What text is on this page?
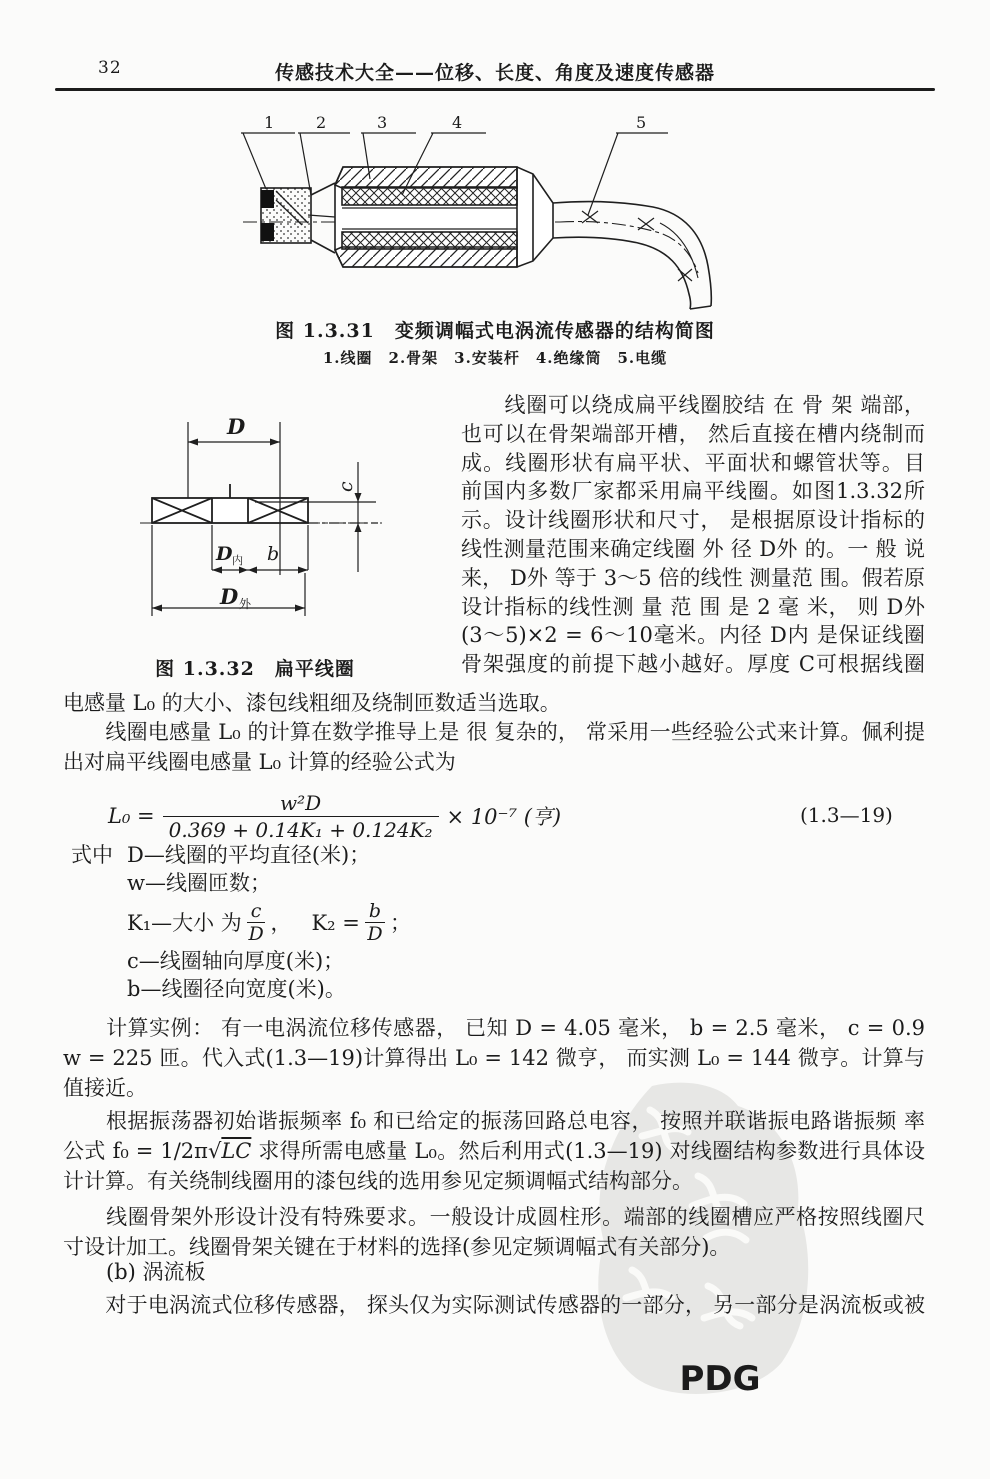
PDG
32	传感技术大全——位移、长度、角度及速度传感器
1	2	3	4	5
图 1.3.31　变频调幅式电涡流传感器的结构简图
1.线圈　2.骨架　3.安装杆　4.绝缘筒　5.电缆
D
D 内 b
c
D 外
图 1.3.32　扁平线圈
　　线圈可以绕成扁平线圈胶结 在 骨 架 端部，
也可以在骨架端部开槽， 然后直接在槽内绕制而
成。线圈形状有扁平状、平面状和螺管状等。目
前国内多数厂家都采用扁平线圈。如图1.3.32所
示。设计线圈形状和尺寸， 是根据原设计指标的
线性测量范围来确定线圈 外 径 D外 的。一 般 说
来， D外 等于 3～5 倍的线性 测量范 围。假若原
设计指标的线性测 量 范 围 是 2 毫 米， 则 D外
(3～5)×2 = 6～10毫米。内径 D内 是保证线圈
骨架强度的前提下越小越好。厚度 C可根据线圈
电感量 L₀ 的大小、漆包线粗细及绕制匝数适当选取。
　　线圈电感量 L₀ 的计算在数学推导上是 很 复杂的， 常采用一些经验公式来计算。佩利提
出对扁平线圈电感量 L₀ 计算的经验公式为
$L_0 = \frac{\text{w²D}}{\text{0.369 + 0.14K₁ + 0.124K₂}} \times 10^{-7}$ (亨)	(1.3—19)
式中 D—线圈的平均直径(米)；
w—线圈匝数；
K₁—大小 为 $\frac{c}{D}$ ，   $K_2 = \frac{b}{D}$ ；
c—线圈轴向厚度(米)；
b—线圈径向宽度(米)。
　　计算实例： 有一电涡流位移传感器， 已知 D = 4.05 毫米， b = 2.5 毫米， c = 0.9
w = 225 匝。代入式(1.3—19)计算得出 L₀ = 142 微亨， 而实测 L₀ = 144 微亨。计算与
值接近。
　　根据振荡器初始谐振频率 f₀ 和已给定的振荡回路总电容， 按照并联谐振电路谐振频 率
公式 f₀ = 1/2π√LC 求得所需电感量 L₀。然后利用式(1.3—19) 对线圈结构参数进行具体设
计计算。有关绕制线圈用的漆包线的选用参见定频调幅式结构部分。
　　线圈骨架外形设计没有特殊要求。一般设计成圆柱形。端部的线圈槽应严格按照线圈尺
寸设计加工。线圈骨架关键在于材料的选择(参见定频调幅式有关部分)。
(b) 涡流板
　　对于电涡流式位移传感器， 探头仅为实际测试传感器的一部分， 另一部分是涡流板或被
